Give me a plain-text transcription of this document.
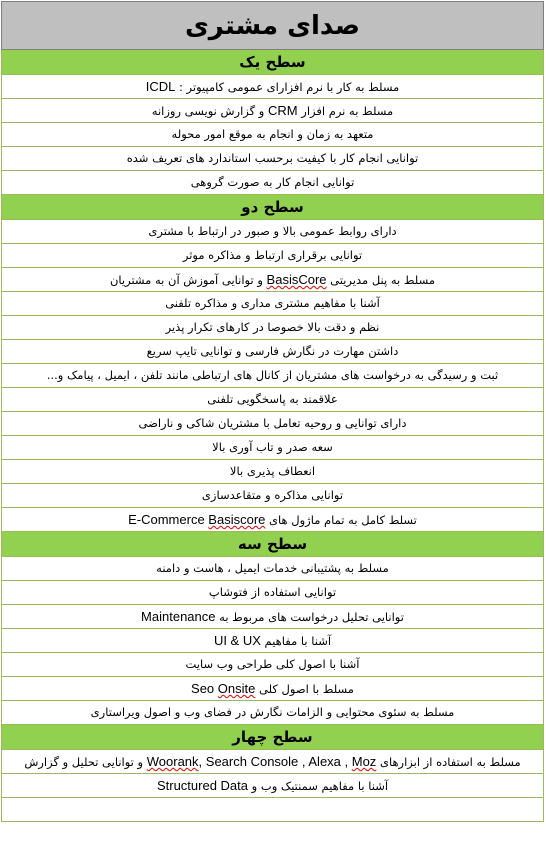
صدای مشتری
سطح یک
مسلط به کار با نرم افزارای عمومی کامپیوتر : ICDL
مسلط به نرم افزار CRM و گزارش نویسی روزانه
متعهد به زمان و انجام به موقع امور محوله
توانایی انجام کار با کیفیت برحسب استاندارد های تعریف شده
توانایی انجام کار به صورت گروهی
سطح دو
دارای روابط عمومی بالا و صبور در ارتباط با مشتری
توانایی برقراری ارتباط و مذاکره موثر
مسلط به پنل مدیریتی BasisCore و توانایی آموزش آن به مشتریان
آشنا با مفاهیم مشتری مداری و مذاکره تلفنی
نظم و دقت بالا خصوصا در کارهای تکرار پذیر
داشتن مهارت در نگارش فارسی و توانایی تایپ سریع
ثبت و رسیدگی به درخواست های مشتریان از کانال های ارتباطی مانند تلفن ، ایمیل ، پیامک و...
علاقمند به پاسخگویی تلفنی
دارای توانایی و روحیه تعامل با مشتریان شاکی و ناراضی
سعه صدر و تاب آوری بالا
انعطاف پذیری بالا
توانایی مذاکره و متقاعدسازی
تسلط کامل به تمام ماژول های E-Commerce Basiscore
سطح سه
مسلط به پشتیبانی خدمات ایمیل ، هاست و دامنه
توانایی استفاده از فتوشاپ
توانایی تحلیل درخواست های مربوط به Maintenance
آشنا با مفاهیم UI & UX
آشنا با اصول کلی طراحی وب سایت
مسلط با اصول کلی Seo Onsite
مسلط به سئوی محتوایی و الزامات نگارش در فضای وب و اصول ویراستاری
سطح چهار
مسلط به استفاده از ابزارهای Woorank, Search Console , Alexa , Moz و توانایی تحلیل و گزارش
آشنا با مفاهیم سمنتیک وب و Structured Data
